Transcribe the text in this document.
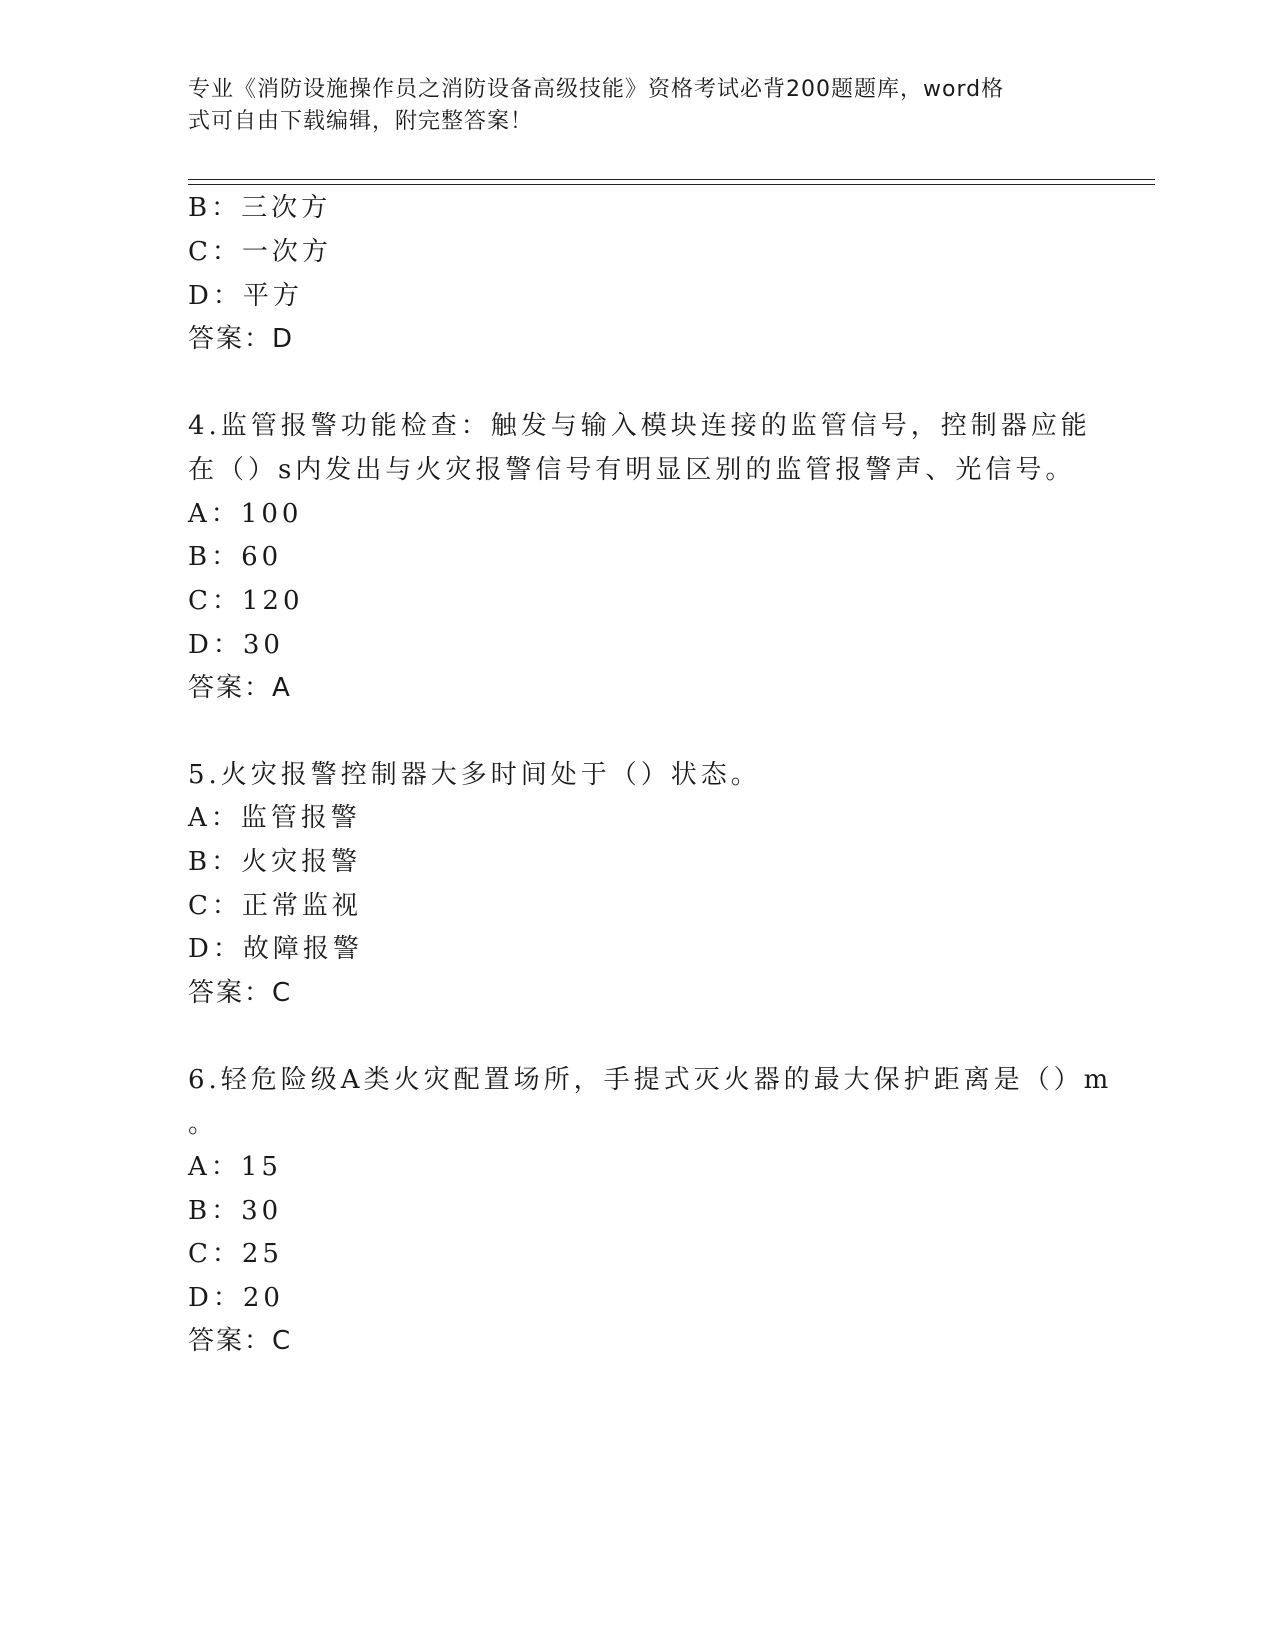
专业《消防设施操作员之消防设备高级技能》资格考试必背200题题库，word格
式可自由下载编辑，附完整答案！
B：三次方
C：一次方
D：平方
答案：D
4.监管报警功能检查：触发与输入模块连接的监管信号，控制器应能
在（）s内发出与火灾报警信号有明显区别的监管报警声、光信号。
A：100
B：60
C：120
D：30
答案：A
5.火灾报警控制器大多时间处于（）状态。
A：监管报警
B：火灾报警
C：正常监视
D：故障报警
答案：C
6.轻危险级A类火灾配置场所，手提式灭火器的最大保护距离是（）m
。
A：15
B：30
C：25
D：20
答案：C
